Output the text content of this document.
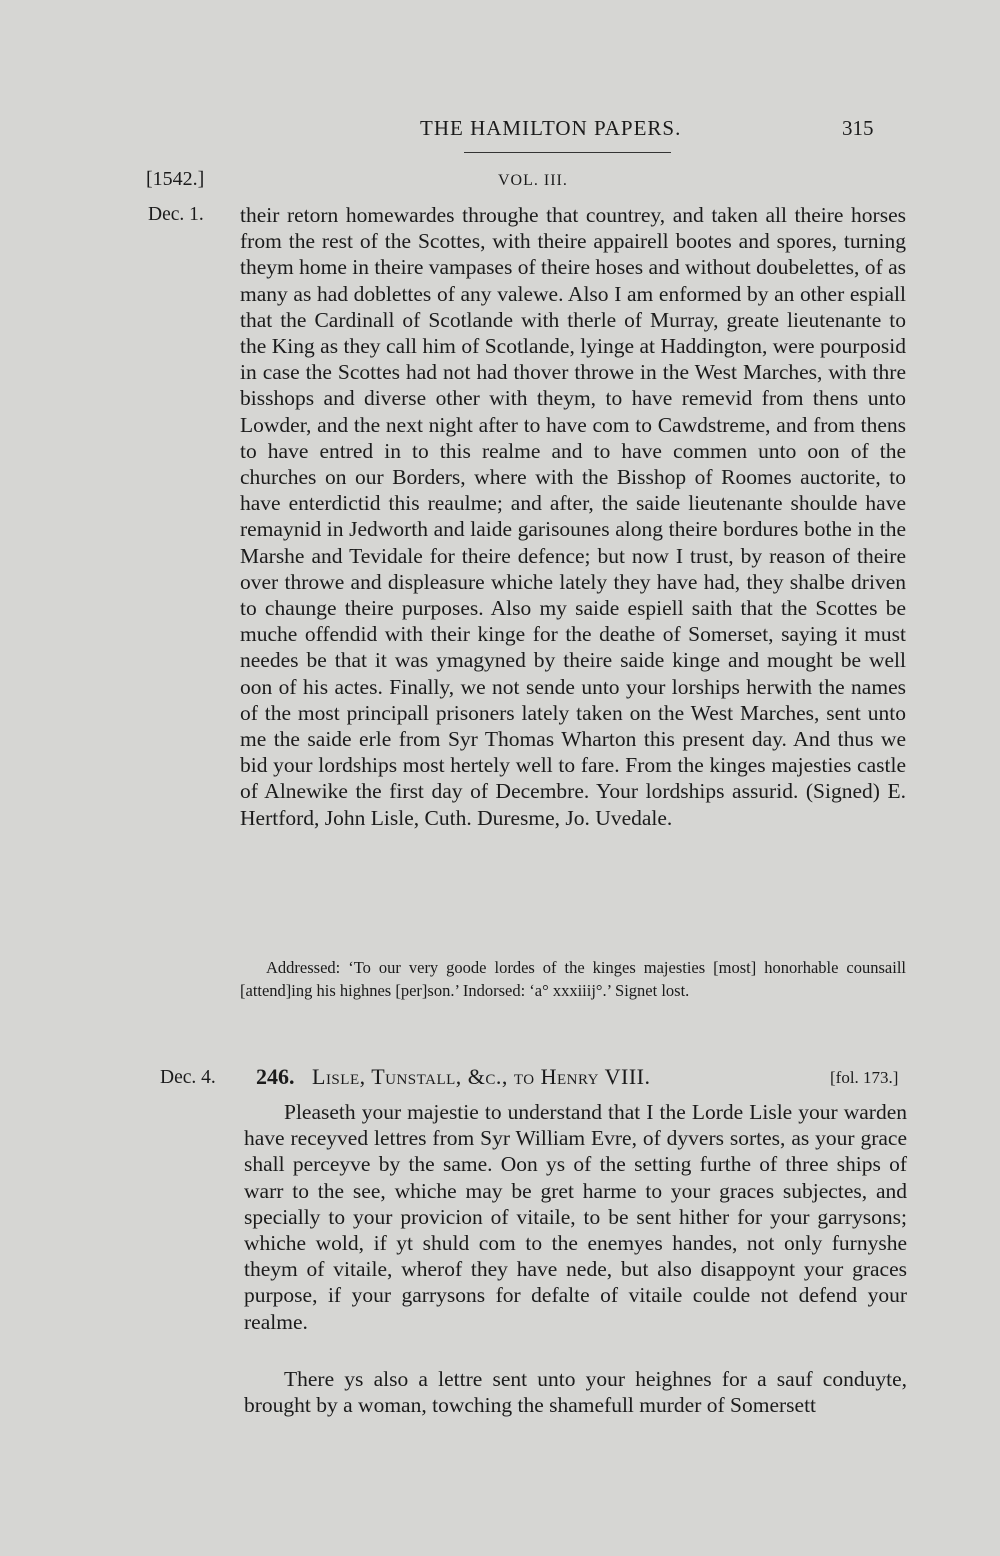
THE HAMILTON PAPERS.	315
[1542.]	VOL. III.
Dec. 1. their retorn homewardes throughe that countrey, and taken all theire horses from the rest of the Scottes, with theire appairell bootes and spores, turning theym home in theire vampases of theire hoses and without doubelettes, of as many as had doblettes of any valewe. Also I am enformed by an other espiall that the Cardinall of Scotlande with therle of Murray, greate lieutenante to the King as they call him of Scotlande, lyinge at Haddington, were pourposid in case the Scottes had not had thover throwe in the West Marches, with thre bisshops and diverse other with theym, to have remevid from thens unto Lowder, and the next night after to have com to Cawdstreme, and from thens to have entred in to this realme and to have commen unto oon of the churches on our Borders, where with the Bisshop of Roomes auctorite, to have enterdictid this reaulme; and after, the saide lieutenante shoulde have remaynid in Jedworth and laide garisounes along theire bordures bothe in the Marshe and Tevidale for theire defence; but now I trust, by reason of theire over throwe and displeasure whiche lately they have had, they shalbe driven to chaunge theire purposes. Also my saide espiell saith that the Scottes be muche offendid with their kinge for the deathe of Somerset, saying it must needes be that it was ymagyned by theire saide kinge and mought be well oon of his actes. Finally, we not sende unto your lorships herwith the names of the most principall prisoners lately taken on the West Marches, sent unto me the saide erle from Syr Thomas Wharton this present day. And thus we bid your lordships most hertely well to fare. From the kinges majesties castle of Alnewike the first day of Decembre. Your lordships assurid. (Signed) E. Hertford, John Lisle, Cuth. Duresme, Jo. Uvedale.

Addressed: ‘To our very goode lordes of the kinges majesties [most] honorhable counsaill [attend]ing his highnes [per]son.’ Indorsed: ‘a° xxxiiij°.’ Signet lost.

Dec. 4. 246. Lisle, Tunstall, &c., to Henry VIII.	[fol. 173.]

Pleaseth your majestie to understand that I the Lorde Lisle your warden have receyved lettres from Syr William Evre, of dyvers sortes, as your grace shall perceyve by the same. Oon ys of the setting furthe of three ships of warr to the see, whiche may be gret harme to your graces subjectes, and specially to your provicion of vitaile, to be sent hither for your garrysons; whiche wold, if yt shuld com to the enemyes handes, not only furnyshe theym of vitaile, wherof they have nede, but also disappoynt your graces purpose, if your garrysons for defalte of vitaile coulde not defend your realme.

There ys also a lettre sent unto your heighnes for a sauf conduyte, brought by a woman, towching the shamefull murder of Somersett
